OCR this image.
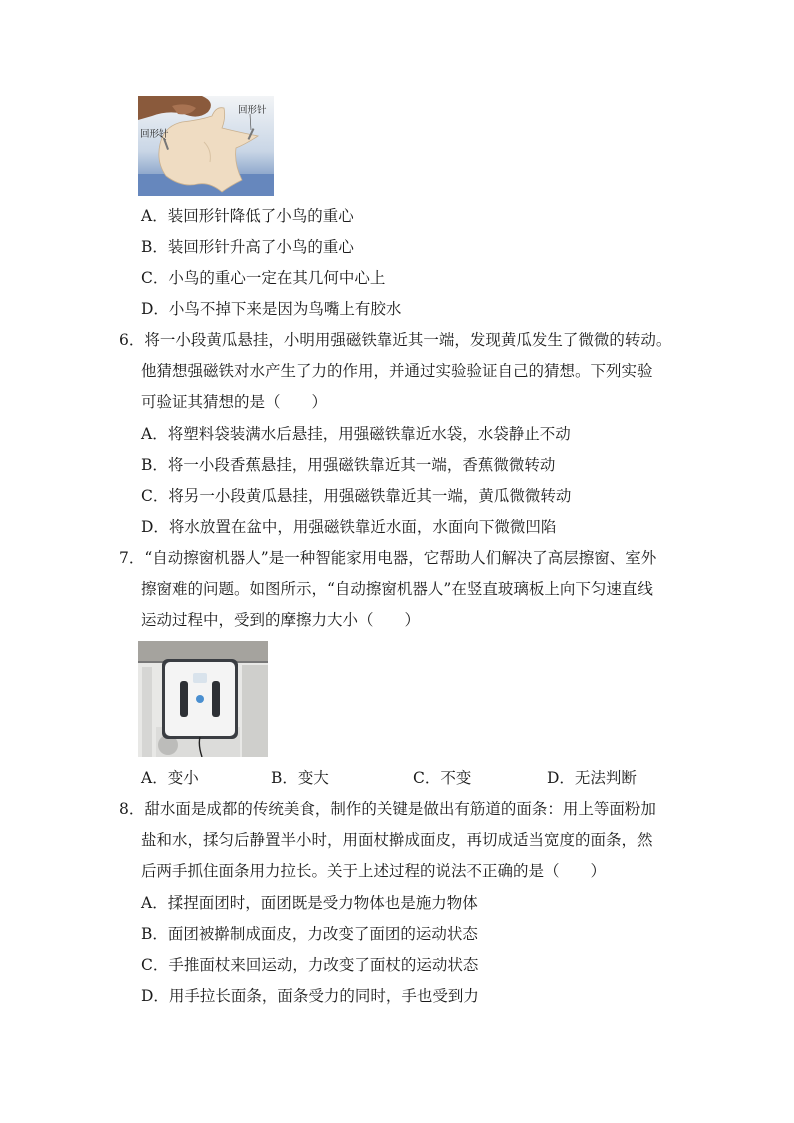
回形针
回形针
A．装回形针降低了小鸟的重心
B．装回形针升高了小鸟的重心
C．小鸟的重心一定在其几何中心上
D．小鸟不掉下来是因为鸟嘴上有胶水
6．将一小段黄瓜悬挂，小明用强磁铁靠近其一端，发现黄瓜发生了微微的转动。
他猜想强磁铁对水产生了力的作用，并通过实验验证自己的猜想。下列实验
可验证其猜想的是（　　）
A．将塑料袋装满水后悬挂，用强磁铁靠近水袋，水袋静止不动
B．将一小段香蕉悬挂，用强磁铁靠近其一端，香蕉微微转动
C．将另一小段黄瓜悬挂，用强磁铁靠近其一端，黄瓜微微转动
D．将水放置在盆中，用强磁铁靠近水面，水面向下微微凹陷
7．“自动擦窗机器人”是一种智能家用电器，它帮助人们解决了高层擦窗、室外
擦窗难的问题。如图所示，“自动擦窗机器人”在竖直玻璃板上向下匀速直线
运动过程中，受到的摩擦力大小（　　）
A．变小	B．变大	C．不变	D．无法判断
8．甜水面是成都的传统美食，制作的关键是做出有筋道的面条：用上等面粉加
盐和水，揉匀后静置半小时，用面杖擀成面皮，再切成适当宽度的面条，然
后两手抓住面条用力拉长。关于上述过程的说法不正确的是（　　）
A．揉捏面团时，面团既是受力物体也是施力物体
B．面团被擀制成面皮，力改变了面团的运动状态
C．手推面杖来回运动，力改变了面杖的运动状态
D．用手拉长面条，面条受力的同时，手也受到力
